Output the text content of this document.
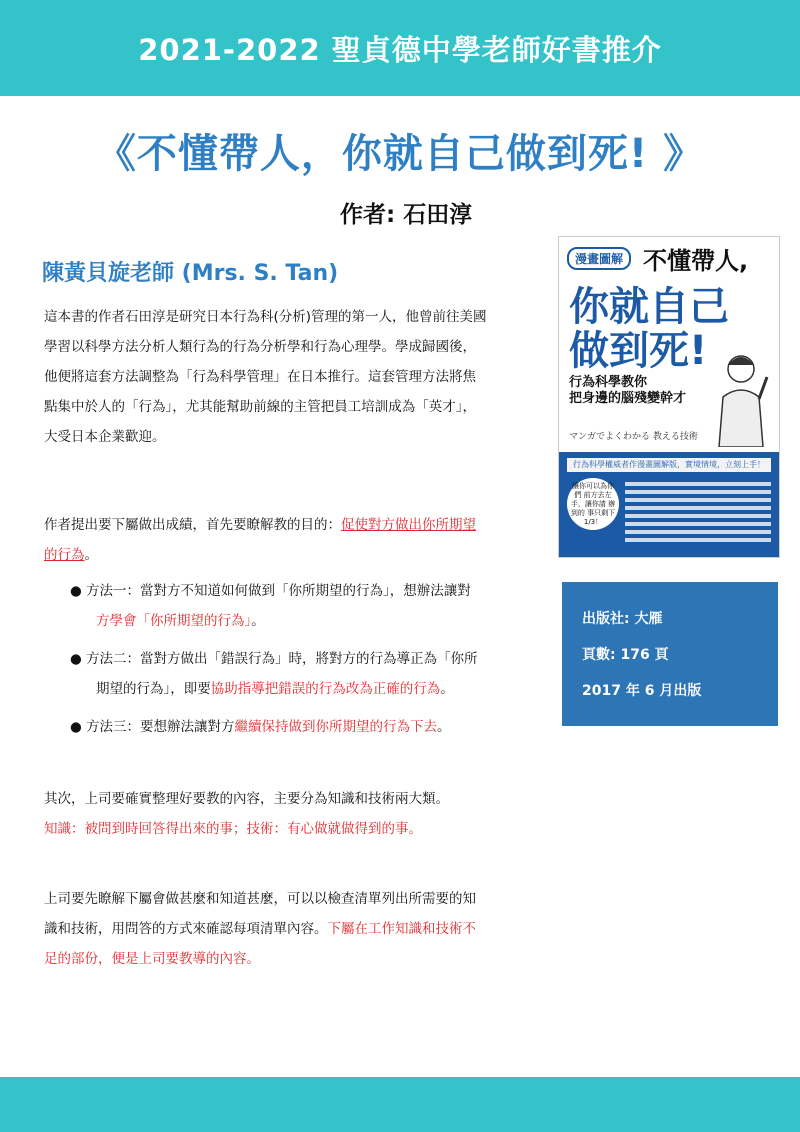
2021-2022 聖貞德中學老師好書推介
《不懂帶人，你就自己做到死! 》
作者: 石田淳
陳黃貝旋老師 (Mrs. S. Tan)
這本書的作者石田淳是研究日本行為科(分析)管理的第一人，他曾前往美國
學習以科學方法分析人類行為的行為分析學和行為心理學。學成歸國後，
他便將這套方法調整為「行為科學管理」在日本推行。這套管理方法將焦
點集中於人的「行為」，尤其能幫助前線的主管把員工培訓成為「英才」，
大受日本企業歡迎。
作者提出要下屬做出成績，首先要瞭解教的目的：促使對方做出你所期望
的行為。
● 方法一：當對方不知道如何做到「你所期望的行為」，想辦法讓對
方學會「你所期望的行為」。
● 方法二：當對方做出「錯誤行為」時，將對方的行為導正為「你所
期望的行為」，即要協助指導把錯誤的行為改為正確的行為。
● 方法三：要想辦法讓對方繼續保持做到你所期望的行為下去。
其次，上司要確實整理好要教的內容，主要分為知識和技術兩大類。
知識：被問到時回答得出來的事；技術：有心做就做得到的事。
上司要先瞭解下屬會做甚麼和知道甚麼，可以以檢查清單列出所需要的知
識和技術，用問答的方式來確認每項清單內容。下屬在工作知識和技術不
足的部份，便是上司要教導的內容。
漫畫圖解 不懂帶人,
你就自己
做到死!
行為科學教你
把身邊的腦殘變幹才
マンガでよくわかる 教える技術
行為科學權威者作漫畫圖解版，實境情境，立刻上手！
讓你可以為你們 前方去左手，讓你請 辦到的 事只剩下 1/3！
出版社: 大雁
頁數: 176 頁
2017 年 6 月出版
